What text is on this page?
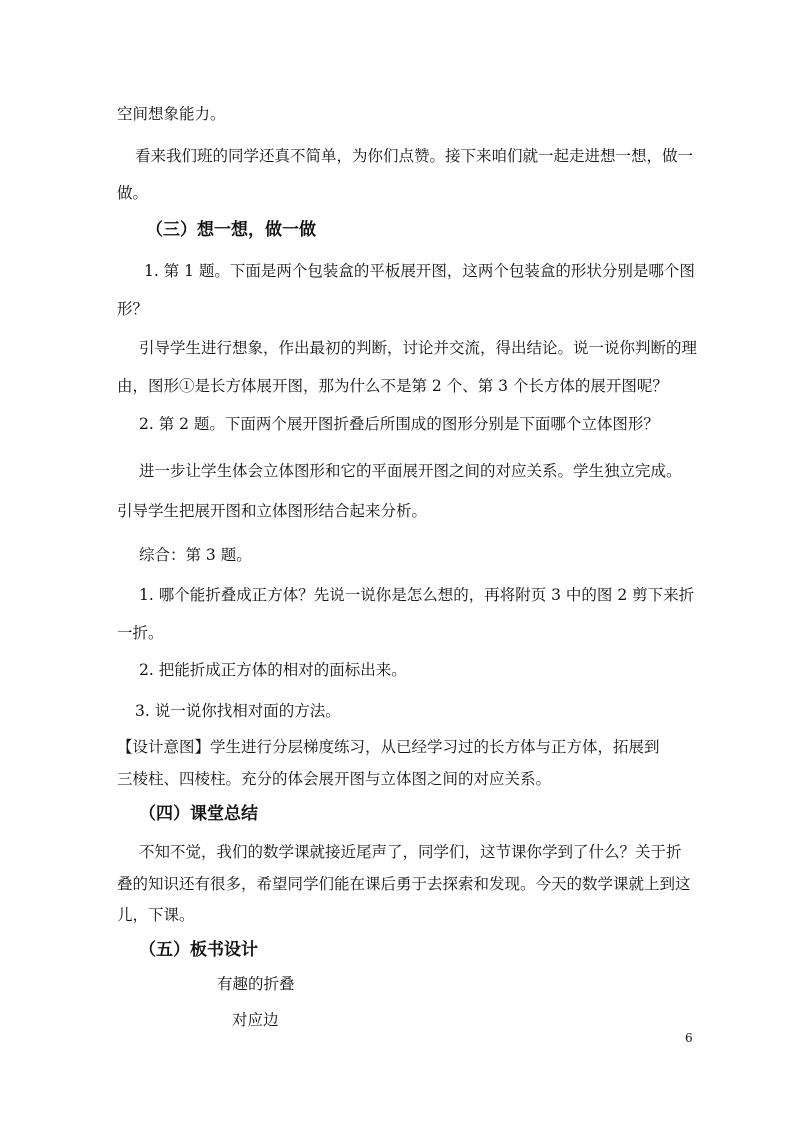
空间想象能力。
看来我们班的同学还真不简单，为你们点赞。接下来咱们就一起走进想一想，做一
做。
（三）想一想，做一做
1. 第 1 题。下面是两个包装盒的平板展开图，这两个包装盒的形状分别是哪个图
形？
引导学生进行想象，作出最初的判断，讨论并交流，得出结论。说一说你判断的理
由，图形①是长方体展开图，那为什么不是第 2 个、第 3 个长方体的展开图呢？
2. 第 2 题。下面两个展开图折叠后所围成的图形分别是下面哪个立体图形？
进一步让学生体会立体图形和它的平面展开图之间的对应关系。学生独立完成。
引导学生把展开图和立体图形结合起来分析。
综合：第 3 题。
1. 哪个能折叠成正方体？先说一说你是怎么想的，再将附页 3 中的图 2 剪下来折
一折。
2. 把能折成正方体的相对的面标出来。
3. 说一说你找相对面的方法。
【设计意图】学生进行分层梯度练习，从已经学习过的长方体与正方体，拓展到
三棱柱、四棱柱。充分的体会展开图与立体图之间的对应关系。
（四）课堂总结
不知不觉，我们的数学课就接近尾声了，同学们，这节课你学到了什么？关于折
叠的知识还有很多，希望同学们能在课后勇于去探索和发现。今天的数学课就上到这
儿，下课。
（五）板书设计
有趣的折叠
对应边
6
